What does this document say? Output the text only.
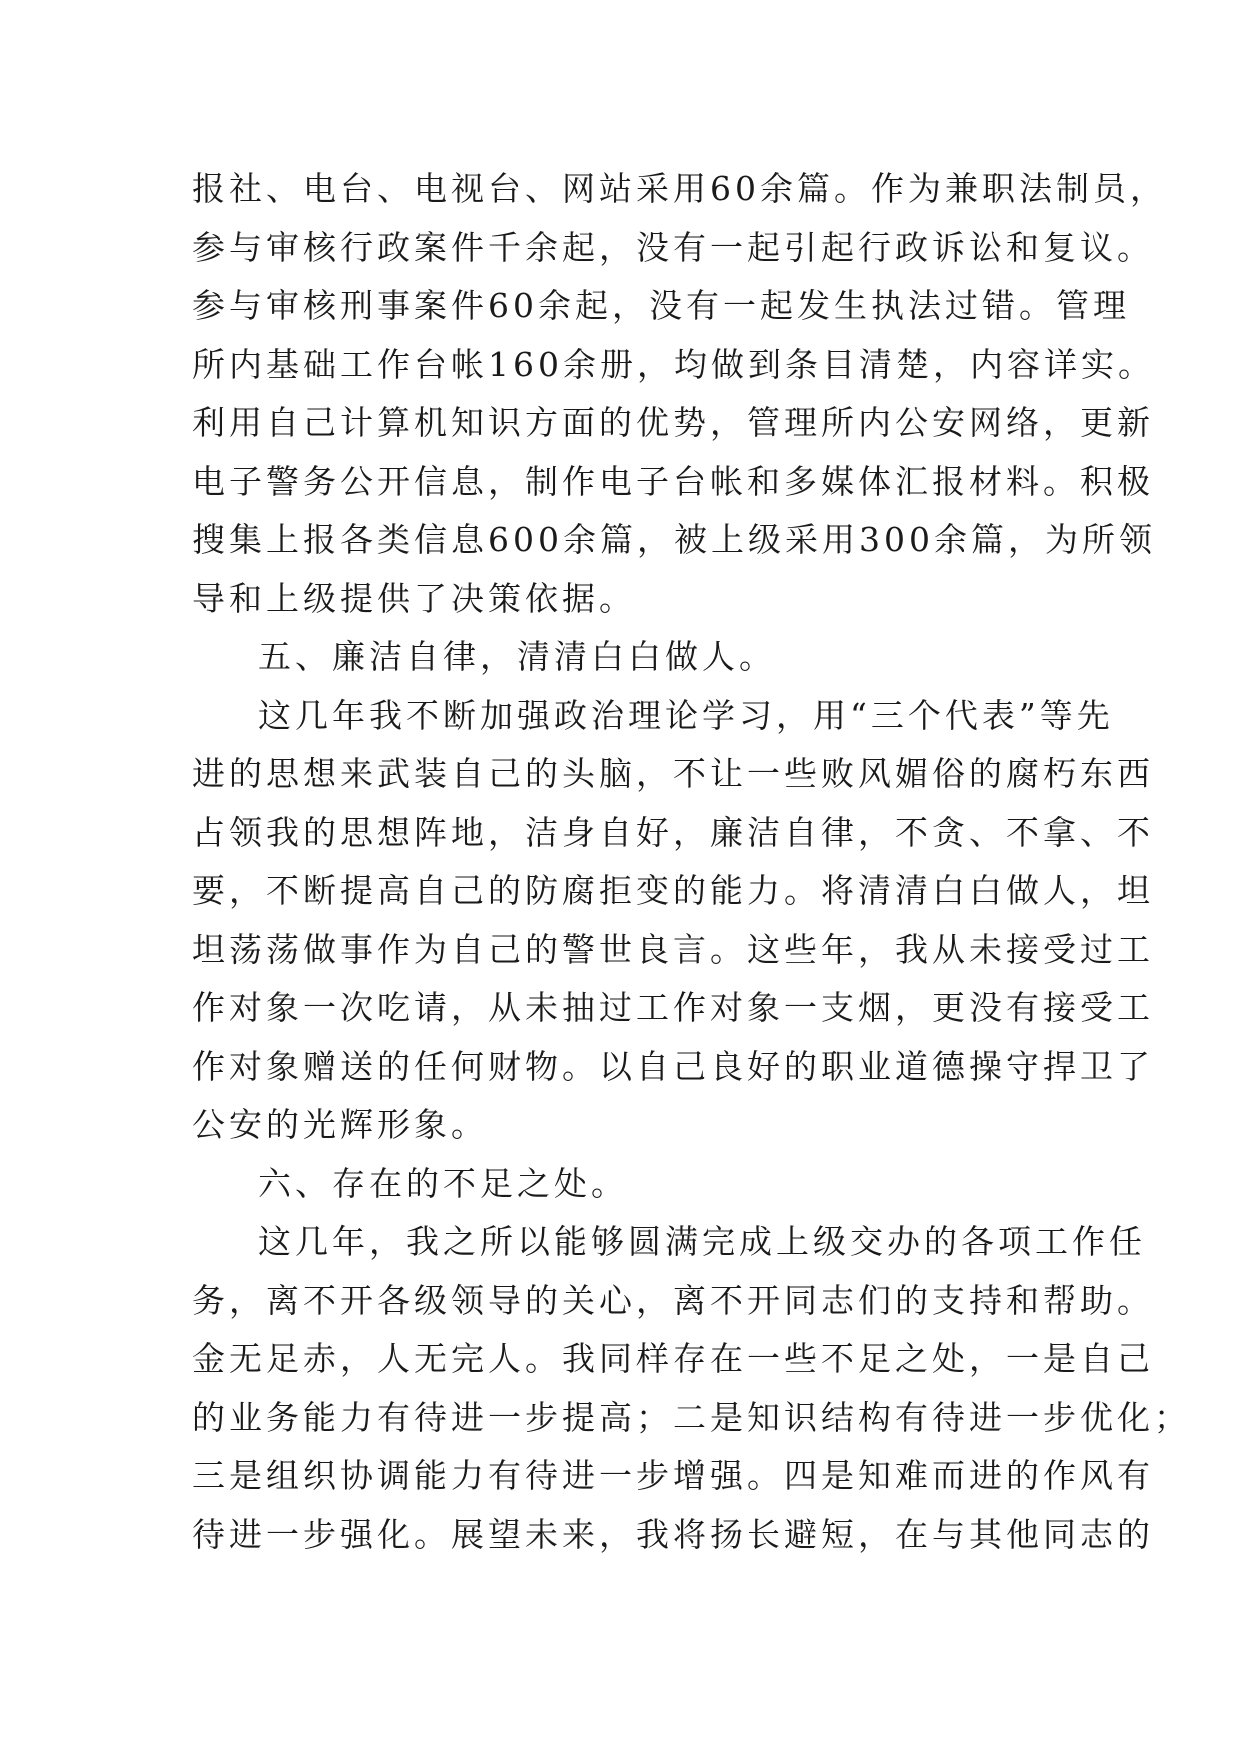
报社、电台、电视台、网站采用60余篇。作为兼职法制员，
参与审核行政案件千余起，没有一起引起行政诉讼和复议。
参与审核刑事案件60余起，没有一起发生执法过错。管理
所内基础工作台帐160余册，均做到条目清楚，内容详实。
利用自己计算机知识方面的优势，管理所内公安网络，更新
电子警务公开信息，制作电子台帐和多媒体汇报材料。积极
搜集上报各类信息600余篇，被上级采用300余篇，为所领
导和上级提供了决策依据。
五、廉洁自律，清清白白做人。
这几年我不断加强政治理论学习，用“三个代表”等先
进的思想来武装自己的头脑，不让一些败风媚俗的腐朽东西
占领我的思想阵地，洁身自好，廉洁自律，不贪、不拿、不
要，不断提高自己的防腐拒变的能力。将清清白白做人，坦
坦荡荡做事作为自己的警世良言。这些年，我从未接受过工
作对象一次吃请，从未抽过工作对象一支烟，更没有接受工
作对象赠送的任何财物。以自己良好的职业道德操守捍卫了
公安的光辉形象。
六、存在的不足之处。
这几年，我之所以能够圆满完成上级交办的各项工作任
务，离不开各级领导的关心，离不开同志们的支持和帮助。
金无足赤，人无完人。我同样存在一些不足之处，一是自己
的业务能力有待进一步提高；二是知识结构有待进一步优化；
三是组织协调能力有待进一步增强。四是知难而进的作风有
待进一步强化。展望未来，我将扬长避短，在与其他同志的
